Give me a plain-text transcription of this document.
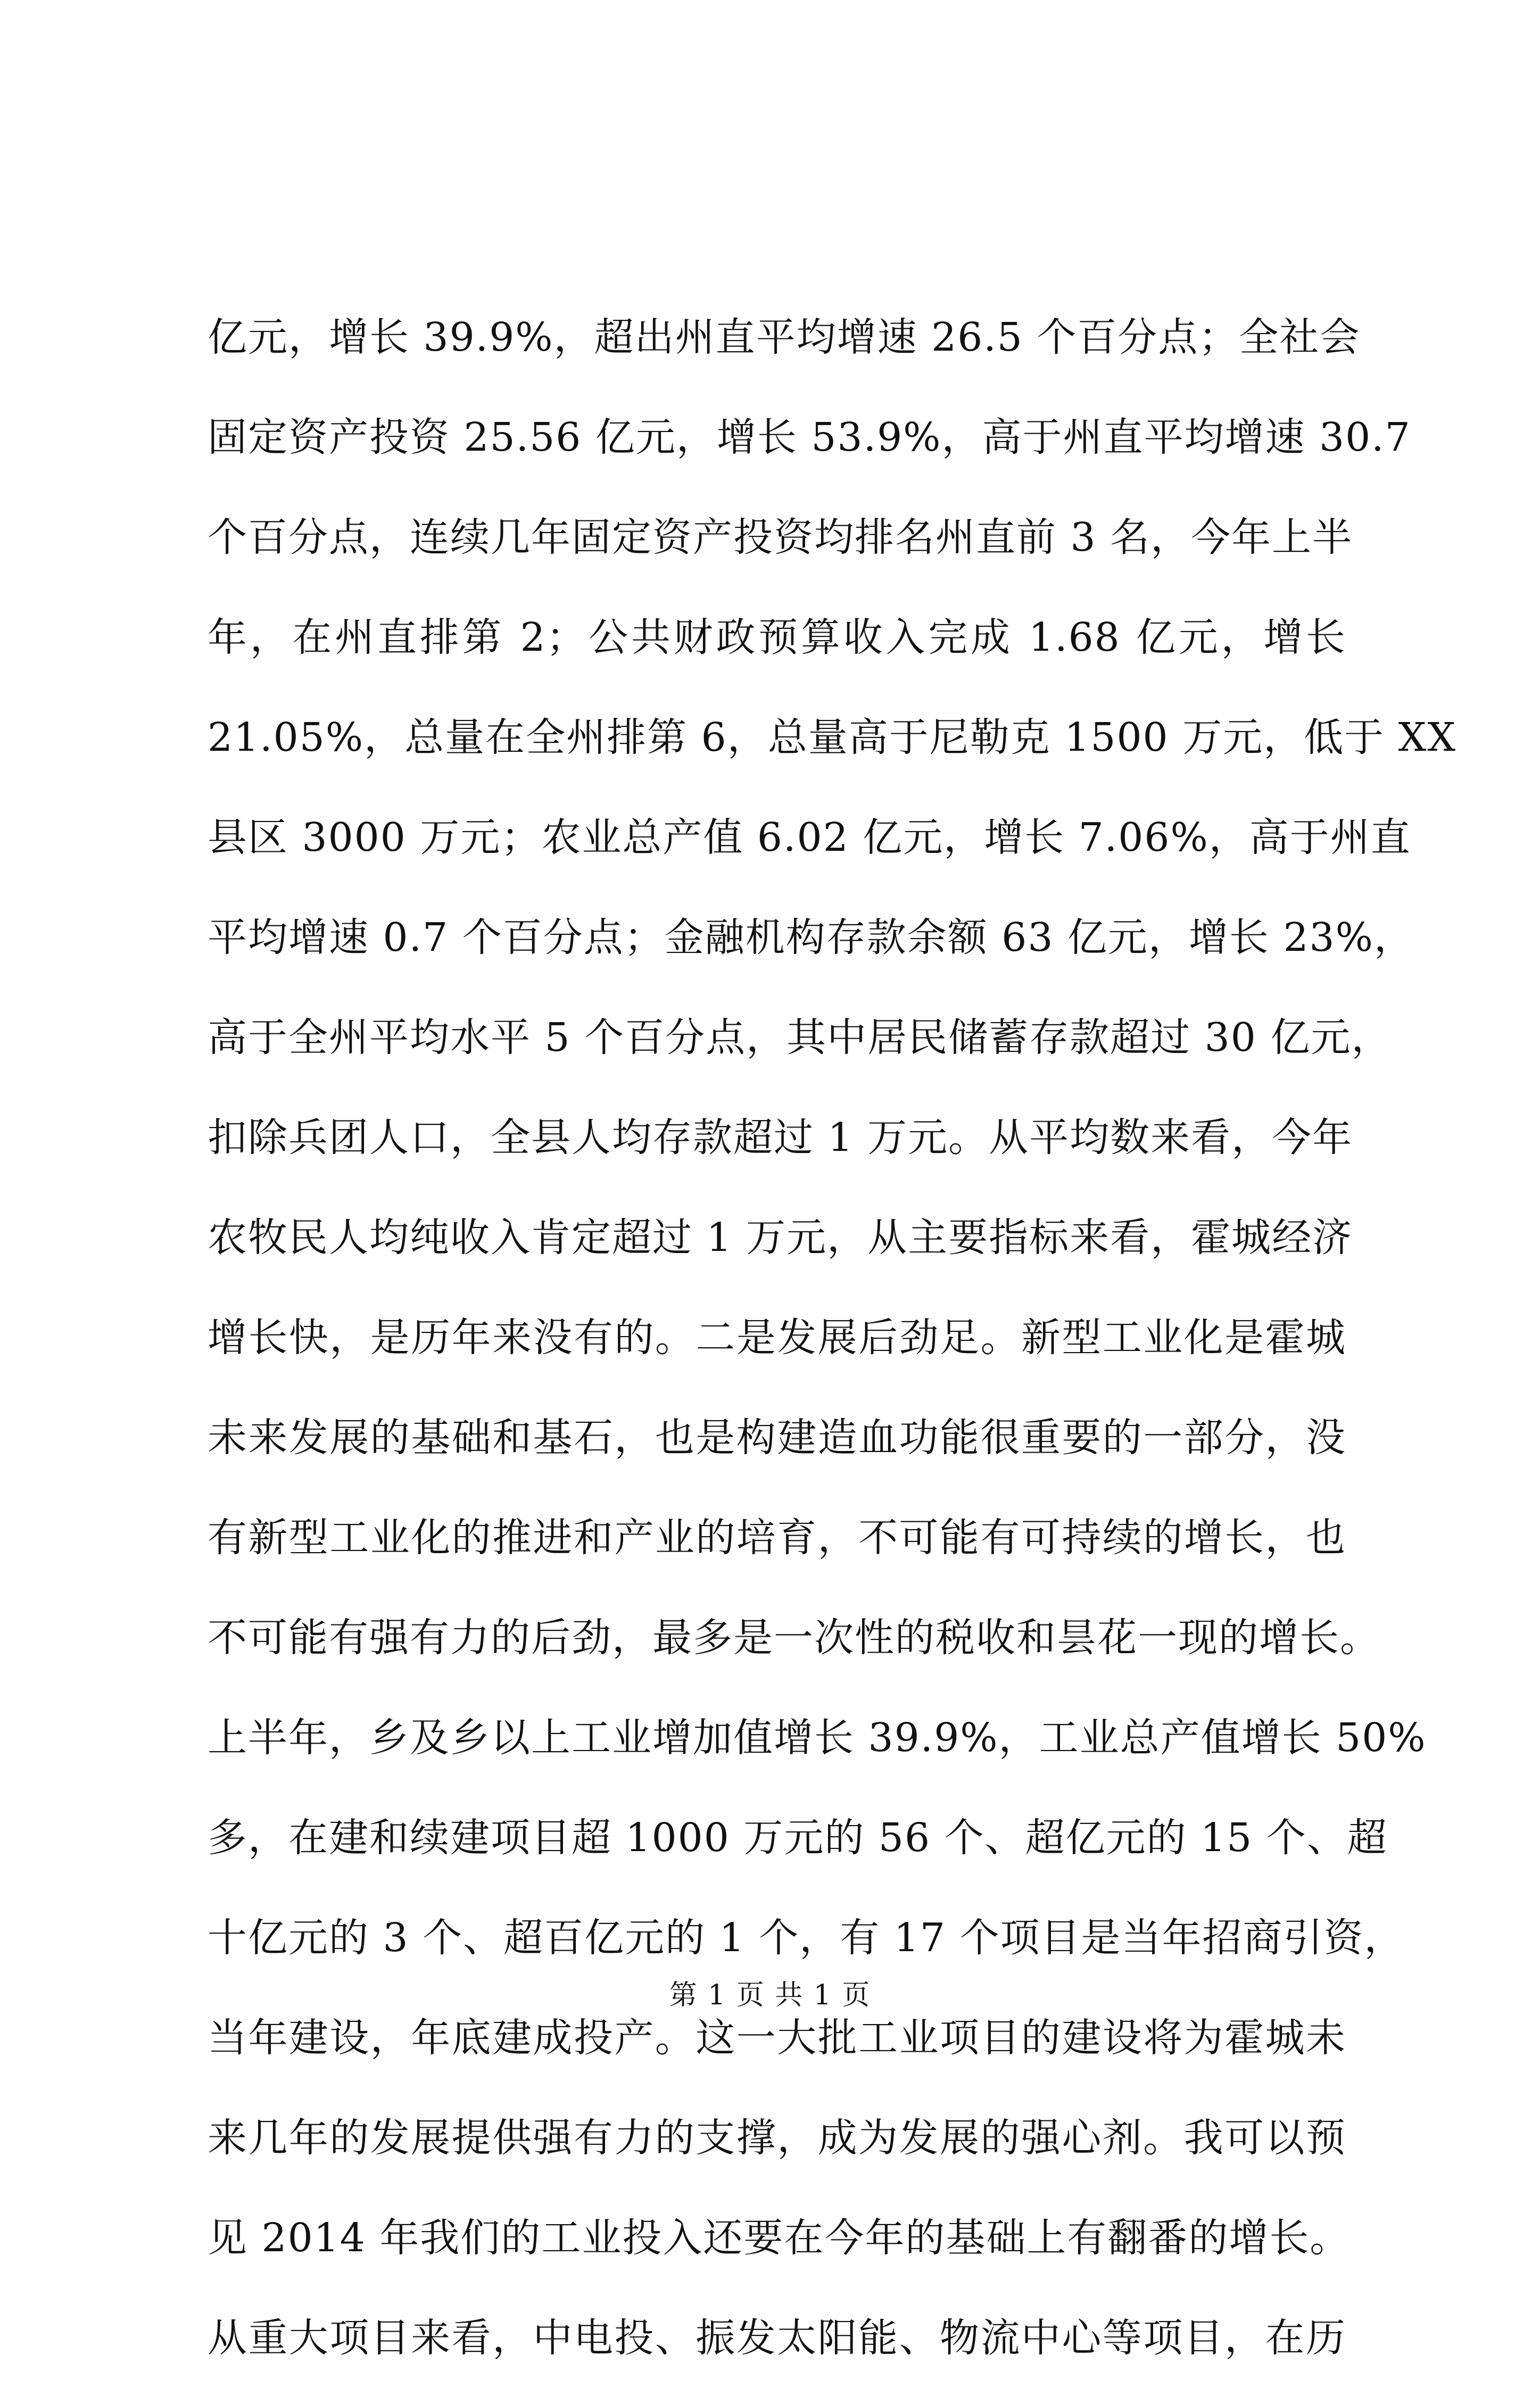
亿元，增长 39.9%，超出州直平均增速 26.5 个百分点；全社会
固定资产投资 25.56 亿元，增长 53.9%，高于州直平均增速 30.7
个百分点，连续几年固定资产投资均排名州直前 3 名，今年上半
年，在州直排第 2；公共财政预算收入完成 1.68 亿元，增长
21.05%，总量在全州排第 6，总量高于尼勒克 1500 万元，低于 XX
县区 3000 万元；农业总产值 6.02 亿元，增长 7.06%，高于州直
平均增速 0.7 个百分点；金融机构存款余额 63 亿元，增长 23%，
高于全州平均水平 5 个百分点，其中居民储蓄存款超过 30 亿元，
扣除兵团人口，全县人均存款超过 1 万元。从平均数来看，今年
农牧民人均纯收入肯定超过 1 万元，从主要指标来看，霍城经济
增长快，是历年来没有的。二是发展后劲足。新型工业化是霍城
未来发展的基础和基石，也是构建造血功能很重要的一部分，没
有新型工业化的推进和产业的培育，不可能有可持续的增长，也
不可能有强有力的后劲，最多是一次性的税收和昙花一现的增长。
上半年，乡及乡以上工业增加值增长 39.9%，工业总产值增长 50%
多，在建和续建项目超 1000 万元的 56 个、超亿元的 15 个、超
十亿元的 3 个、超百亿元的 1 个，有 17 个项目是当年招商引资，
当年建设，年底建成投产。这一大批工业项目的建设将为霍城未
来几年的发展提供强有力的支撑，成为发展的强心剂。我可以预
见 2014 年我们的工业投入还要在今年的基础上有翻番的增长。
从重大项目来看，中电投、振发太阳能、物流中心等项目，在历
第 1 页 共 1 页
